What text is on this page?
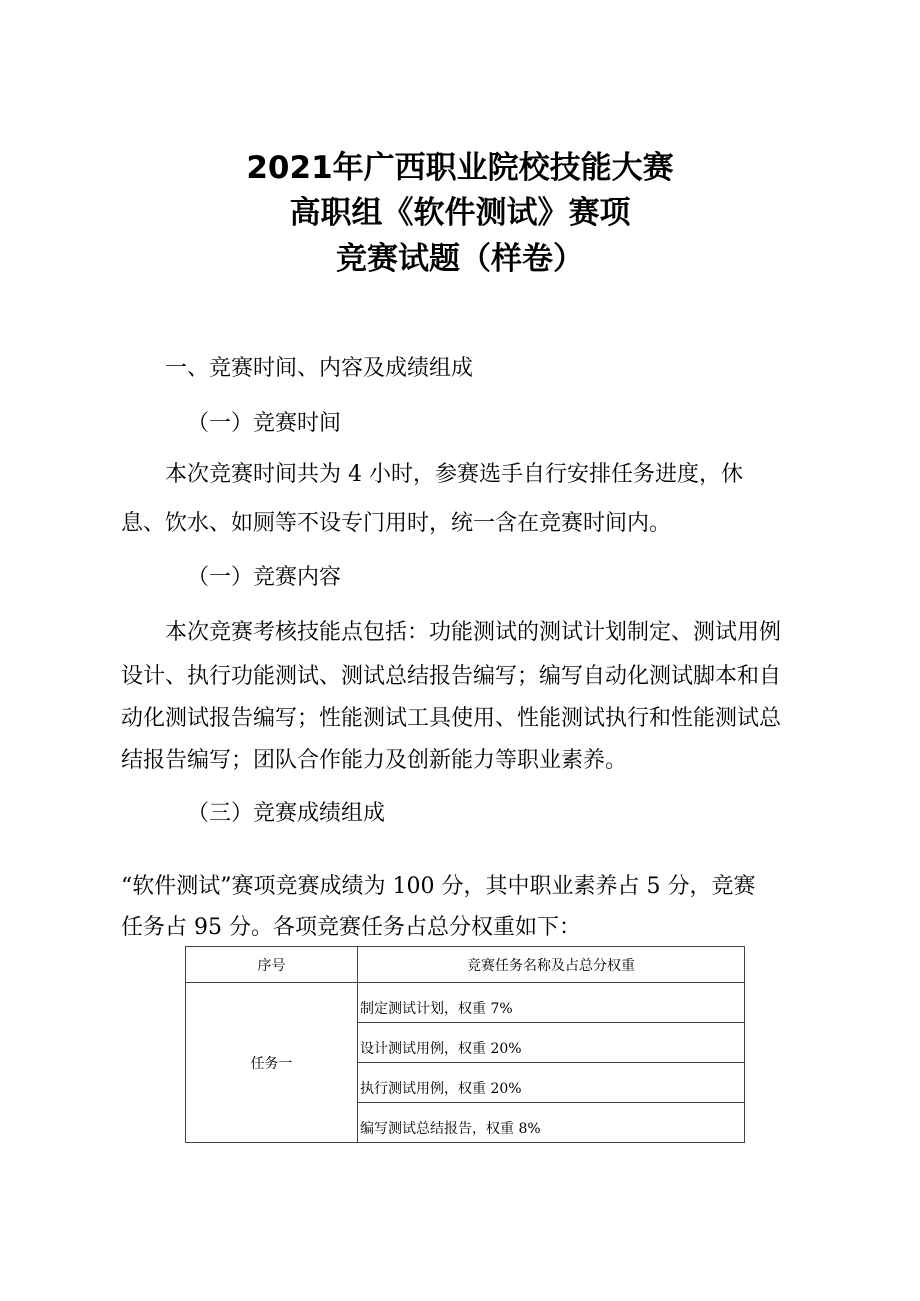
2021年广西职业院校技能大赛
高职组《软件测试》赛项
竞赛试题（样卷）

一、竞赛时间、内容及成绩组成

（一）竞赛时间

本次竞赛时间共为 4 小时，参赛选手自行安排任务进度，休

息、饮水、如厕等不设专门用时，统一含在竞赛时间内。

（一）竞赛内容

本次竞赛考核技能点包括：功能测试的测试计划制定、测试用例

设计、执行功能测试、测试总结报告编写；编写自动化测试脚本和自

动化测试报告编写；性能测试工具使用、性能测试执行和性能测试总

结报告编写；团队合作能力及创新能力等职业素养。

（三）竞赛成绩组成

“软件测试”赛项竞赛成绩为 100 分，其中职业素养占 5 分，竞赛

任务占 95 分。各项竞赛任务占总分权重如下：

序号	竞赛任务名称及占总分权重
任务一	制定测试计划，权重 7%
	设计测试用例，权重 20%
	执行测试用例，权重 20%
	编写测试总结报告，权重 8%
